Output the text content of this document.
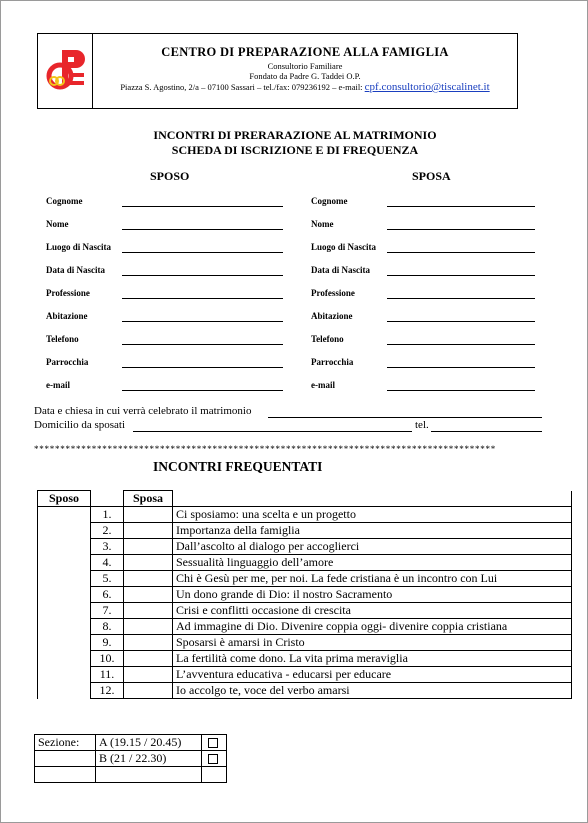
CENTRO DI PREPARAZIONE ALLA FAMIGLIA
Consultorio Familiare
Fondato da Padre G. Taddei O.P.
Piazza S. Agostino, 2/a – 07100 Sassari – tel./fax: 079236192 – e-mail: cpf.consultorio@tiscalinet.it
INCONTRI DI PRERARAZIONE AL MATRIMONIO
SCHEDA DI ISCRIZIONE E DI FREQUENZA
SPOSO	SPOSA
Cognome	Cognome
Nome	Nome
Luogo di Nascita	Luogo di Nascita
Data di Nascita	Data di Nascita
Professione	Professione
Abitazione	Abitazione
Telefono	Telefono
Parrocchia	Parrocchia
e-mail	e-mail
Data e chiesa in cui verrà celebrato il matrimonio
Domicilio da sposati	tel.
****************************************************************************************
INCONTRI FREQUENTATI
Sposo		Sposa	
	1.		Ci sposiamo: una scelta e un progetto
	2.		Importanza della famiglia
	3.		Dall’ascolto al dialogo per accoglierci
	4.		Sessualità linguaggio dell’amore
	5.		Chi è Gesù per me, per noi. La fede cristiana è un incontro con Lui
	6.		Un dono grande di Dio: il nostro Sacramento
	7.		Crisi e conflitti occasione di crescita
	8.		Ad immagine di Dio. Divenire coppia oggi- divenire coppia cristiana
	9.		Sposarsi è amarsi in Cristo
	10.		La fertilità come dono. La vita prima meraviglia
	11.		L’avventura educativa - educarsi per educare
	12.		Io accolgo te, voce del verbo amarsi
Sezione:	A (19.15 / 20.45)	
	B (21 / 22.30)	
